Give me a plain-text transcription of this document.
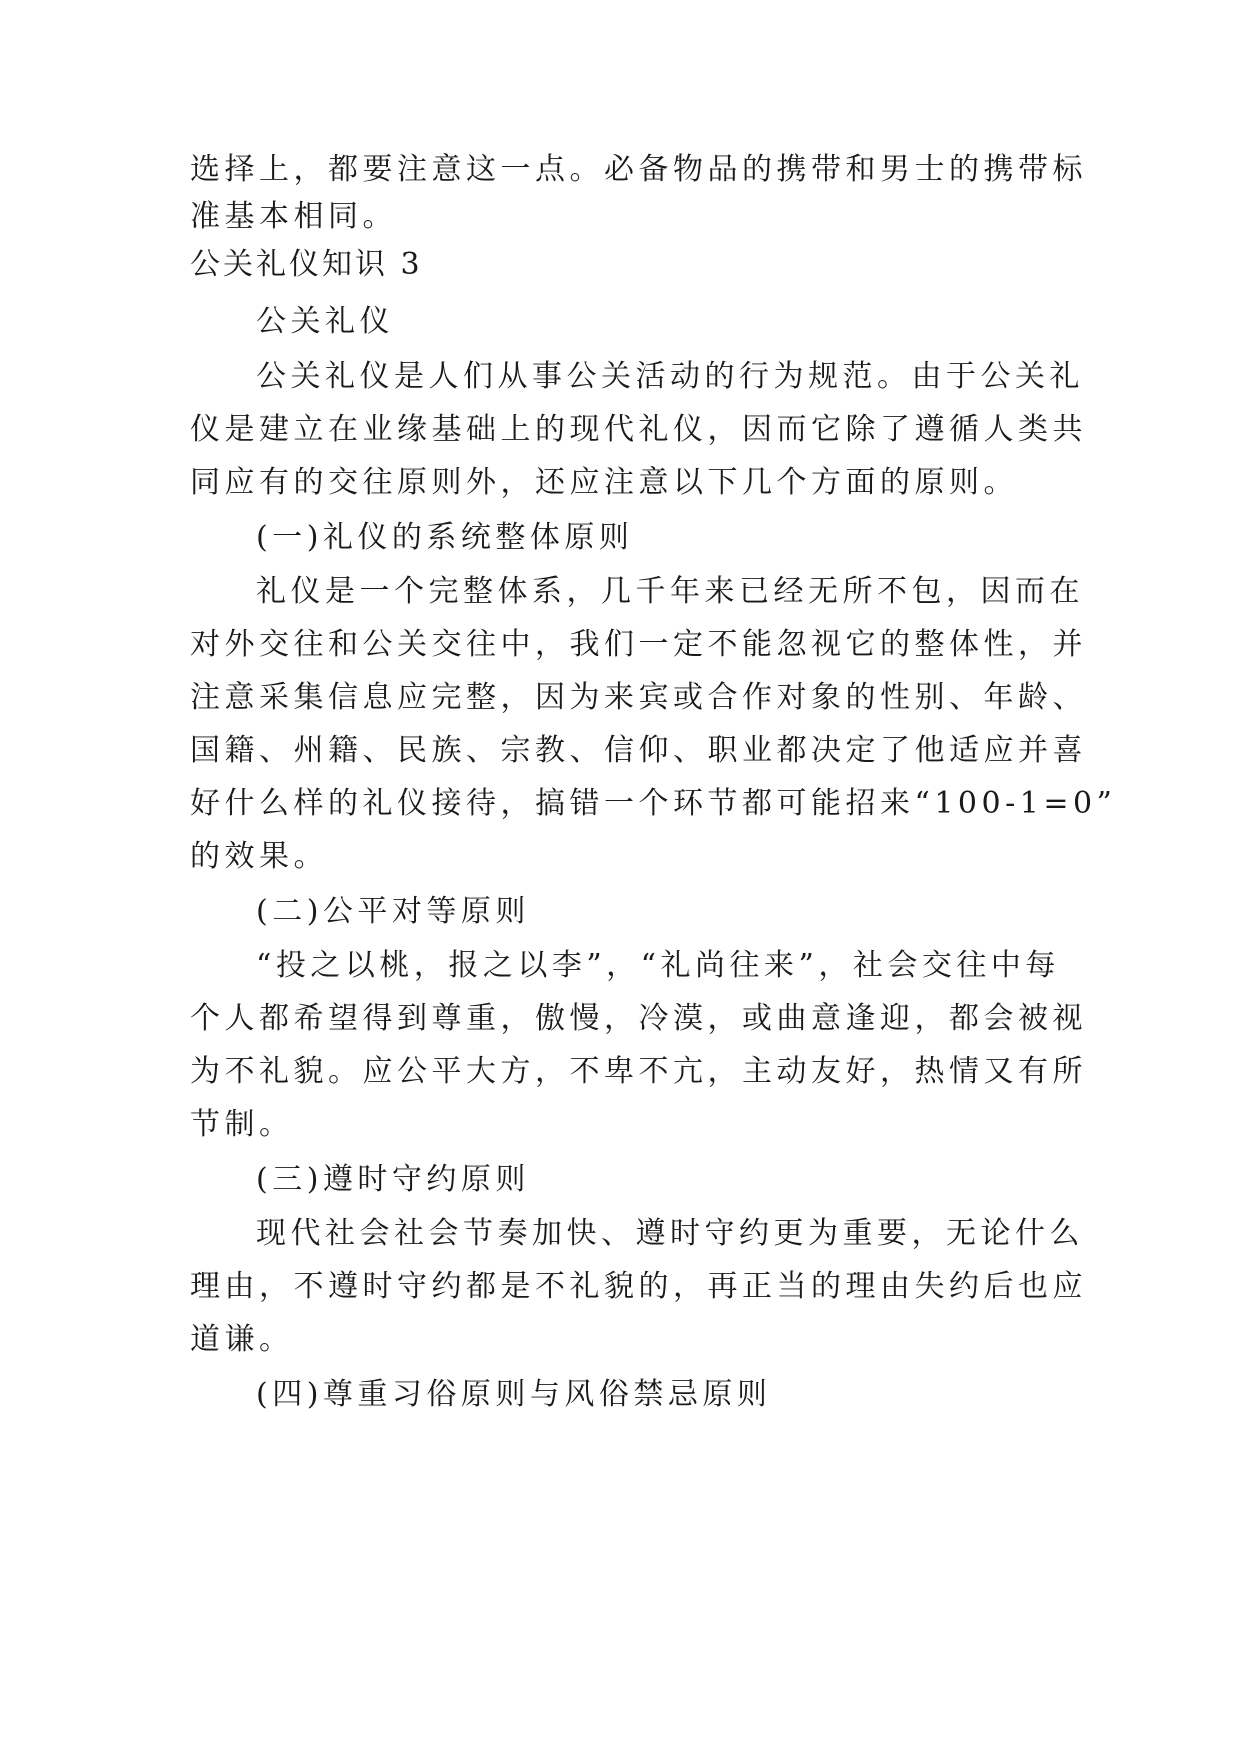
选择上，都要注意这一点。必备物品的携带和男士的携带标
准基本相同。
公关礼仪知识 3
公关礼仪
公关礼仪是人们从事公关活动的行为规范。由于公关礼
仪是建立在业缘基础上的现代礼仪，因而它除了遵循人类共
同应有的交往原则外，还应注意以下几个方面的原则。
(一)礼仪的系统整体原则
礼仪是一个完整体系，几千年来已经无所不包，因而在
对外交往和公关交往中，我们一定不能忽视它的整体性，并
注意采集信息应完整，因为来宾或合作对象的性别、年龄、
国籍、州籍、民族、宗教、信仰、职业都决定了他适应并喜
好什么样的礼仪接待，搞错一个环节都可能招来“100-1=0”
的效果。
(二)公平对等原则
“投之以桃，报之以李”，“礼尚往来”，社会交往中每
个人都希望得到尊重，傲慢，冷漠，或曲意逢迎，都会被视
为不礼貌。应公平大方，不卑不亢，主动友好，热情又有所
节制。
(三)遵时守约原则
现代社会社会节奏加快、遵时守约更为重要，无论什么
理由，不遵时守约都是不礼貌的，再正当的理由失约后也应
道谦。
(四)尊重习俗原则与风俗禁忌原则
